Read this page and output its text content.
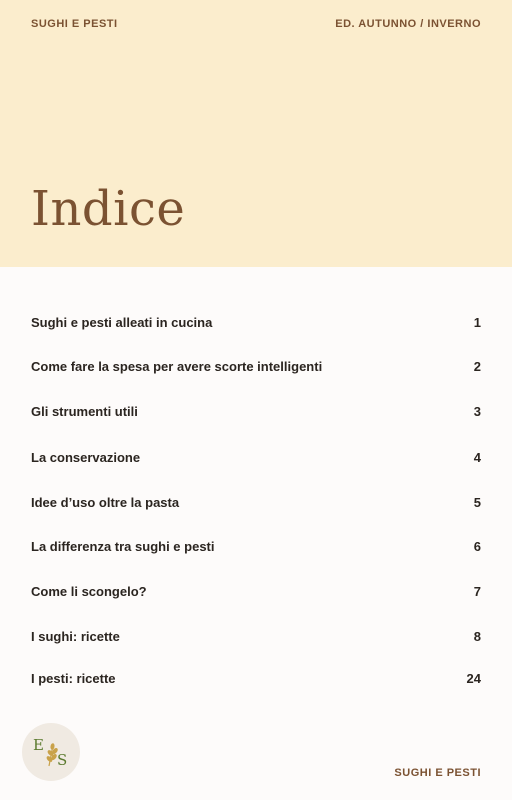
SUGHI E PESTI	ED. AUTUNNO / INVERNO
Indice
Sughi e pesti alleati in cucina	1
Come fare la spesa per avere scorte intelligenti	2
Gli strumenti utili	3
La conservazione	4
Idee d’uso oltre la pasta	5
La differenza tra sughi e pesti	6
Come li scongelo?	7
I sughi: ricette	8
I pesti: ricette	24
E
S
SUGHI E PESTI
